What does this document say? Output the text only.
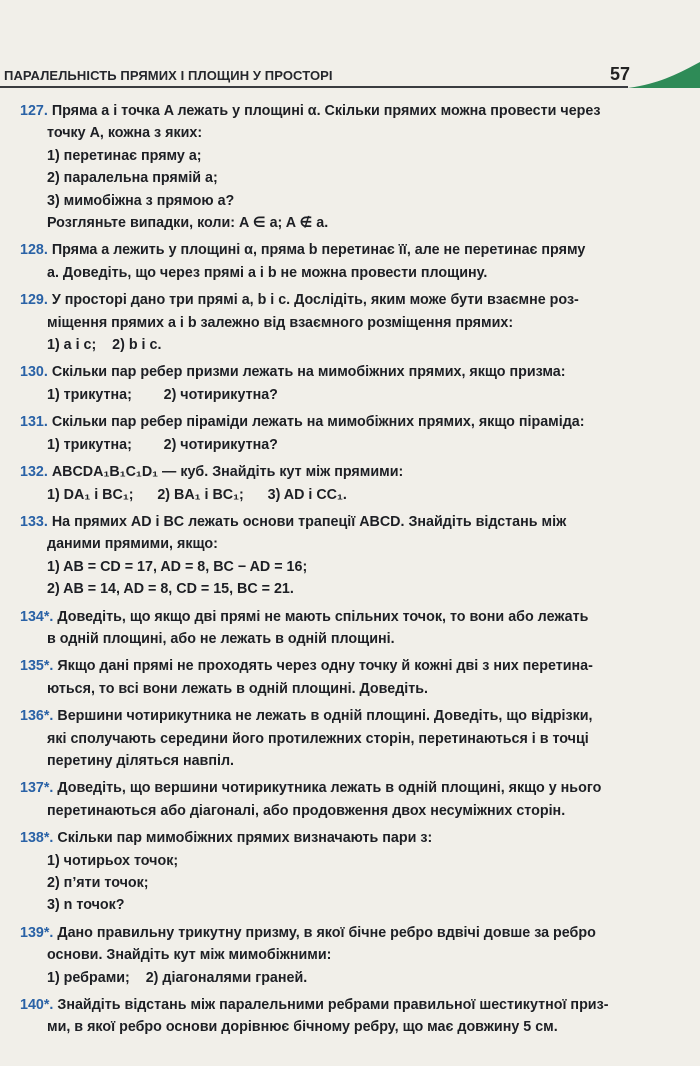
ПАРАЛЕЛЬНІСТЬ ПРЯМИХ І ПЛОЩИН У ПРОСТОРІ	57
127. Пряма a і точка A лежать у площині α. Скільки прямих можна провести через
точку A, кожна з яких:
1) перетинає пряму a;
2) паралельна прямій a;
3) мимобіжна з прямою a?
Розгляньте випадки, коли: A ∈ a; A ∉ a.
128. Пряма a лежить у площині α, пряма b перетинає її, але не перетинає пряму
a. Доведіть, що через прямі a і b не можна провести площину.
129. У просторі дано три прямі a, b і c. Дослідіть, яким може бути взаємне роз-
міщення прямих a і b залежно від взаємного розміщення прямих:
1) a і c;    2) b і c.
130. Скільки пар ребер призми лежать на мимобіжних прямих, якщо призма:
1) трикутна;        2) чотирикутна?
131. Скільки пар ребер піраміди лежать на мимобіжних прямих, якщо піраміда:
1) трикутна;        2) чотирикутна?
132. ABCDA₁B₁C₁D₁ — куб. Знайдіть кут між прямими:
1) DA₁ і BC₁;      2) BA₁ і BC₁;      3) AD і CC₁.
133. На прямих AD і BC лежать основи трапеції ABCD. Знайдіть відстань між
даними прямими, якщо:
1) AB = CD = 17, AD = 8, BC − AD = 16;
2) AB = 14, AD = 8, CD = 15, BC = 21.
134*. Доведіть, що якщо дві прямі не мають спільних точок, то вони або лежать
в одній площині, або не лежать в одній площині.
135*. Якщо дані прямі не проходять через одну точку й кожні дві з них перетина-
ються, то всі вони лежать в одній площині. Доведіть.
136*. Вершини чотирикутника не лежать в одній площині. Доведіть, що відрізки,
які сполучають середини його протилежних сторін, перетинаються і в точці
перетину діляться навпіл.
137*. Доведіть, що вершини чотирикутника лежать в одній площині, якщо у нього
перетинаються або діагоналі, або продовження двох несуміжних сторін.
138*. Скільки пар мимобіжних прямих визначають пари з:
1) чотирьох точок;
2) п’яти точок;
3) n точок?
139*. Дано правильну трикутну призму, в якої бічне ребро вдвічі довше за ребро
основи. Знайдіть кут між мимобіжними:
1) ребрами;    2) діагоналями граней.
140*. Знайдіть відстань між паралельними ребрами правильної шестикутної приз-
ми, в якої ребро основи дорівнює бічному ребру, що має довжину 5 см.
